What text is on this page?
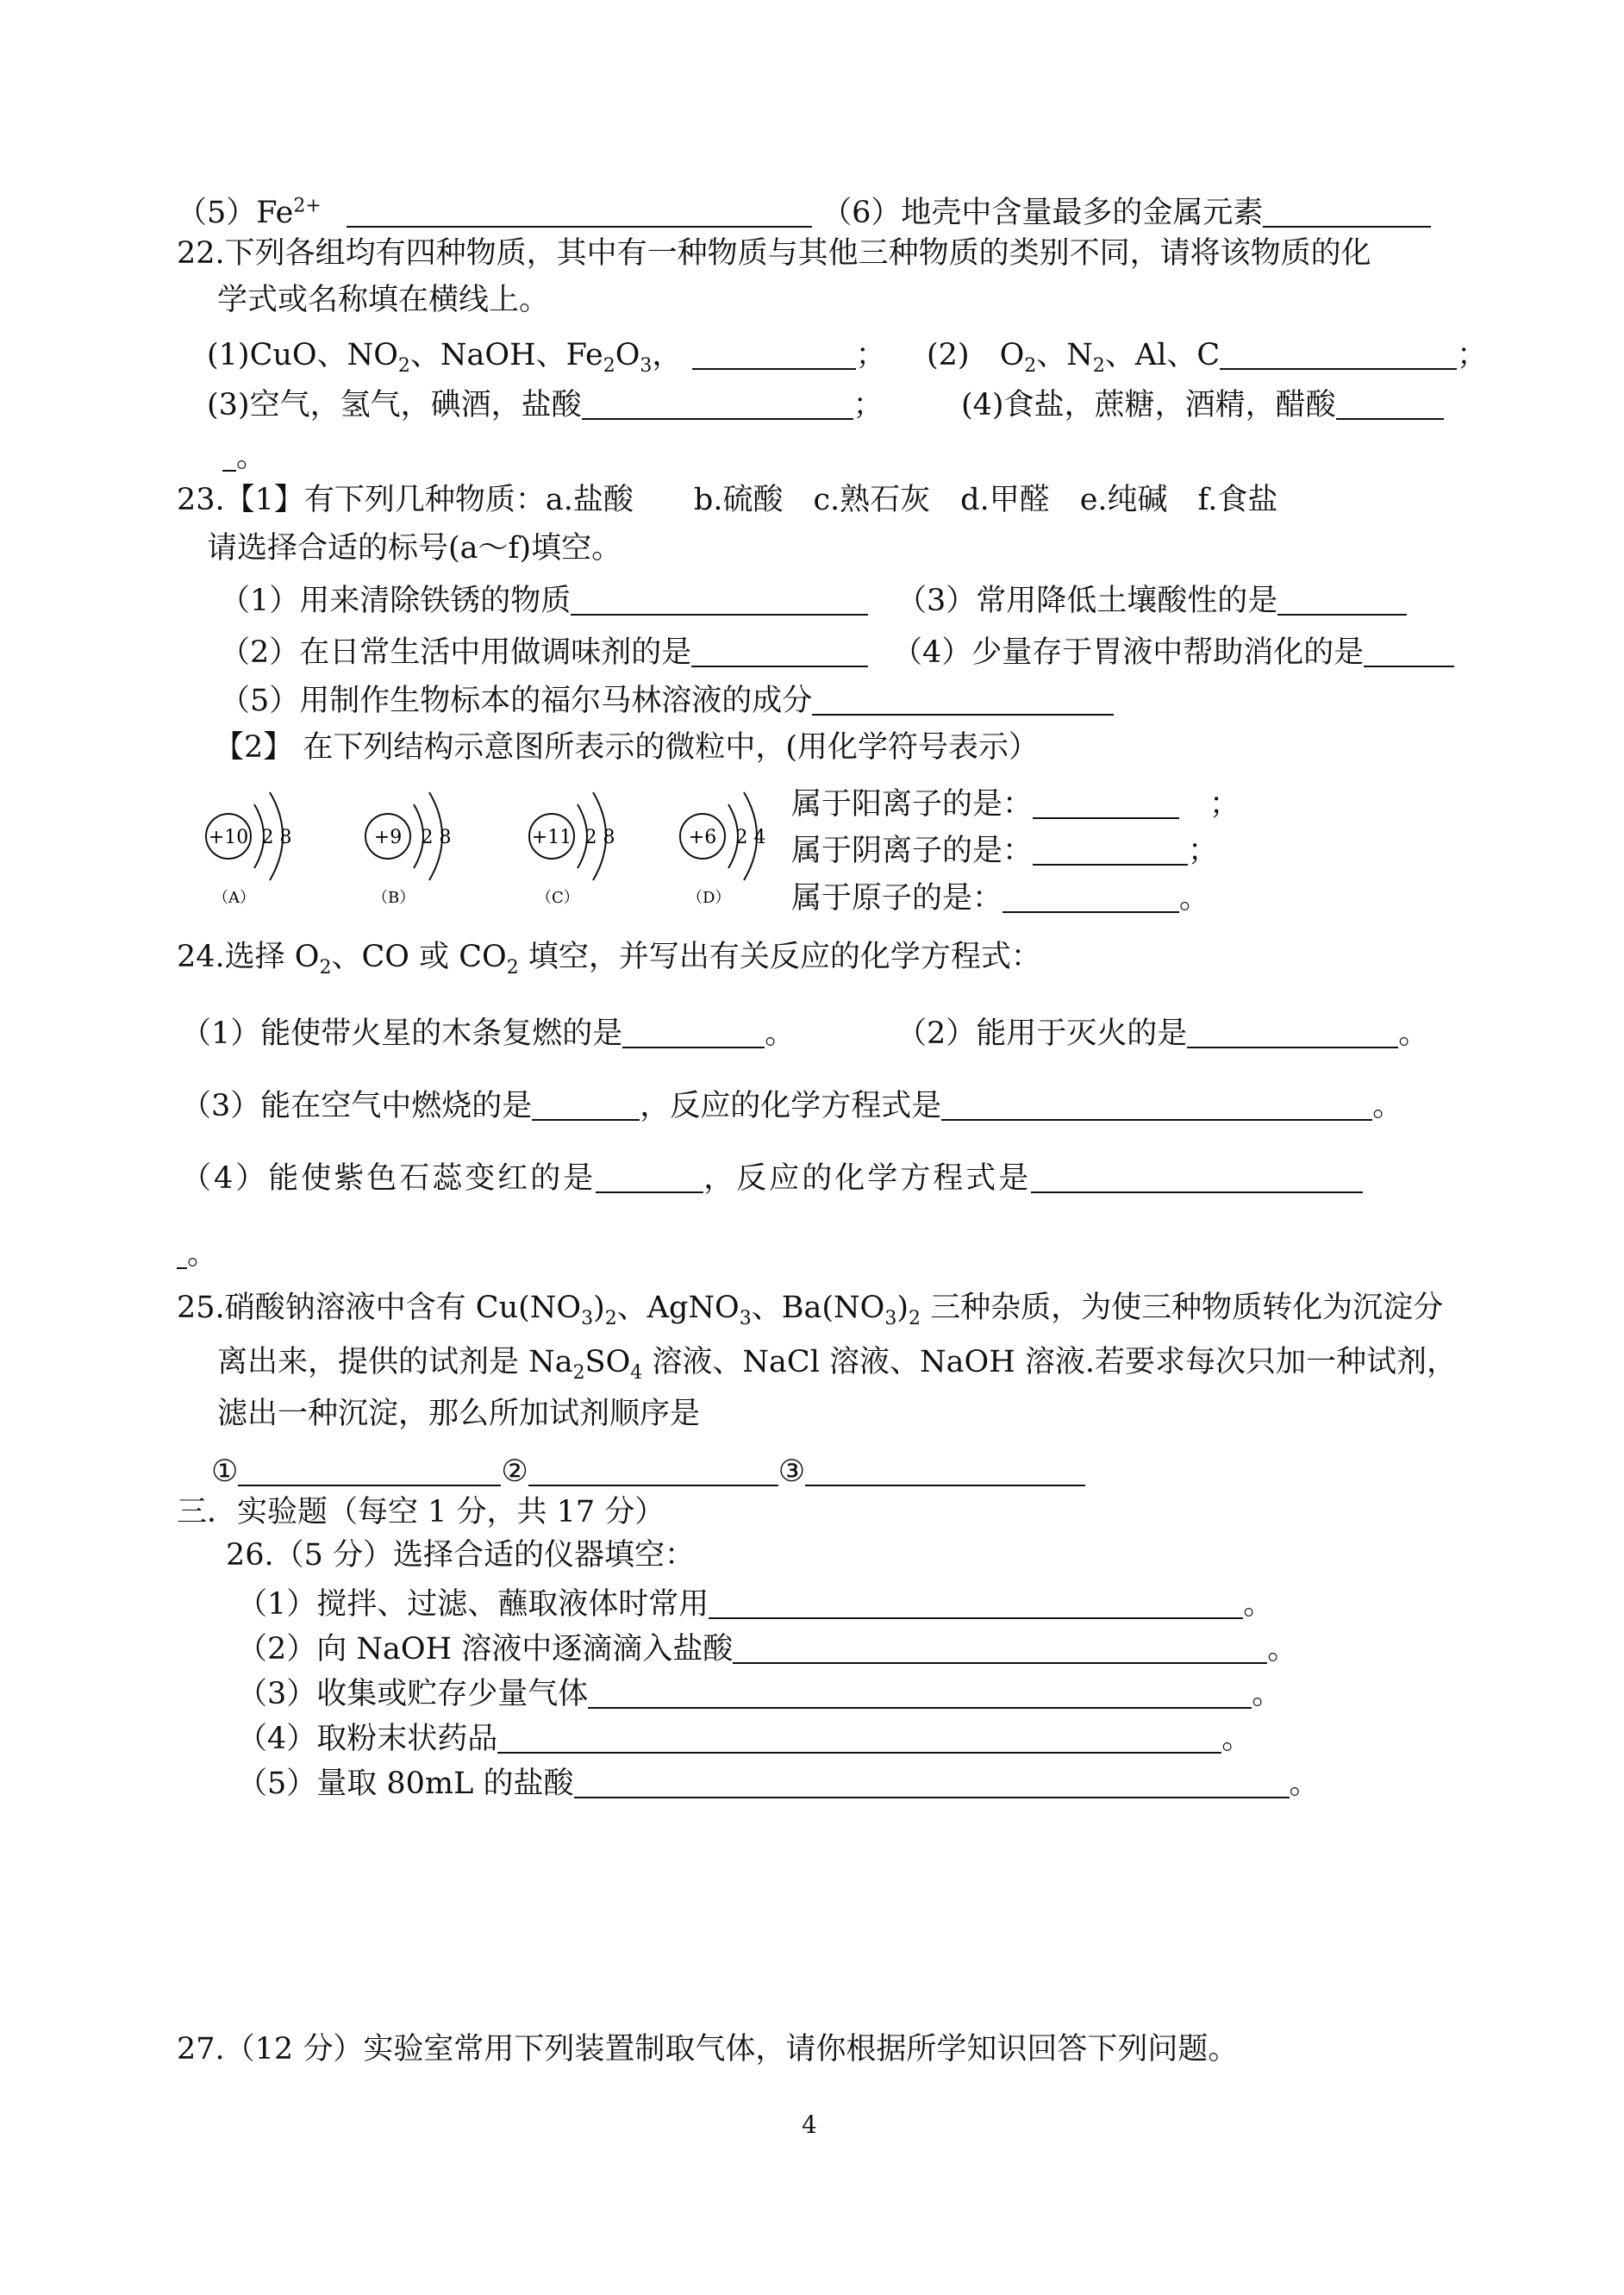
$(5)Fe^{2+}$	（6）地壳中含量最多的金属元素
22.下列各组均有四种物质，其中有一种物质与其他三种物质的类别不同，请将该物质的化
学式或名称填在横线上。
(1)CuO、$NO_2$、NaOH、$Fe_2O_3$，	； (2)　$O_2$、$N_2$、Al、C	；
(3)空气，氢气，碘酒，盐酸	；	(4)食盐，蔗糖，酒精，醋酸
。
23.【1】有下列几种物质：a.盐酸　　b.硫酸　c.熟石灰　d.甲醛　e.纯碱　f.食盐
请选择合适的标号(a～f)填空。
（1）用来清除铁锈的物质	（3）常用降低土壤酸性的是
（2）在日常生活中用做调味剂的是	（4）少量存于胃液中帮助消化的是
（5）用制作生物标本的福尔马林溶液的成分
【2】 在下列结构示意图所表示的微粒中，(用化学符号表示）
+10 2 8
（A）
+9 2 8
（B）
+11 2 8
（C）
+6 2 4
（D）
属于阳离子的是：　	；
属于阴离子的是：	；
属于原子的是：	。
24.选择 $O_2$、CO 或 $CO_2$ 填空，并写出有关反应的化学方程式：
（1）能使带火星的木条复燃的是	。	（2）能用于灭火的是	。
（3）能在空气中燃烧的是	，反应的化学方程式是	。
（4）能使紫色石蕊变红的是	，反应的化学方程式是
。
25.硝酸钠溶液中含有 $Cu(NO_3)_2$、AgNO$_3$、$Ba(NO_3)_2$ 三种杂质，为使三种物质转化为沉淀分
离出来，提供的试剂是 $Na_2SO_4$ 溶液、NaCl 溶液、NaOH 溶液.若要求每次只加一种试剂，
滤出一种沉淀，那么所加试剂顺序是
①	②	③
三．实验题（每空 1 分，共 17 分）
26.（5 分）选择合适的仪器填空：
（1）搅拌、过滤、蘸取液体时常用	。
（2）向 NaOH 溶液中逐滴滴入盐酸	。
（3）收集或贮存少量气体	。
（4）取粉末状药品	。
（5）量取 80mL 的盐酸	。
27.（12 分）实验室常用下列装置制取气体，请你根据所学知识回答下列问题。
4
